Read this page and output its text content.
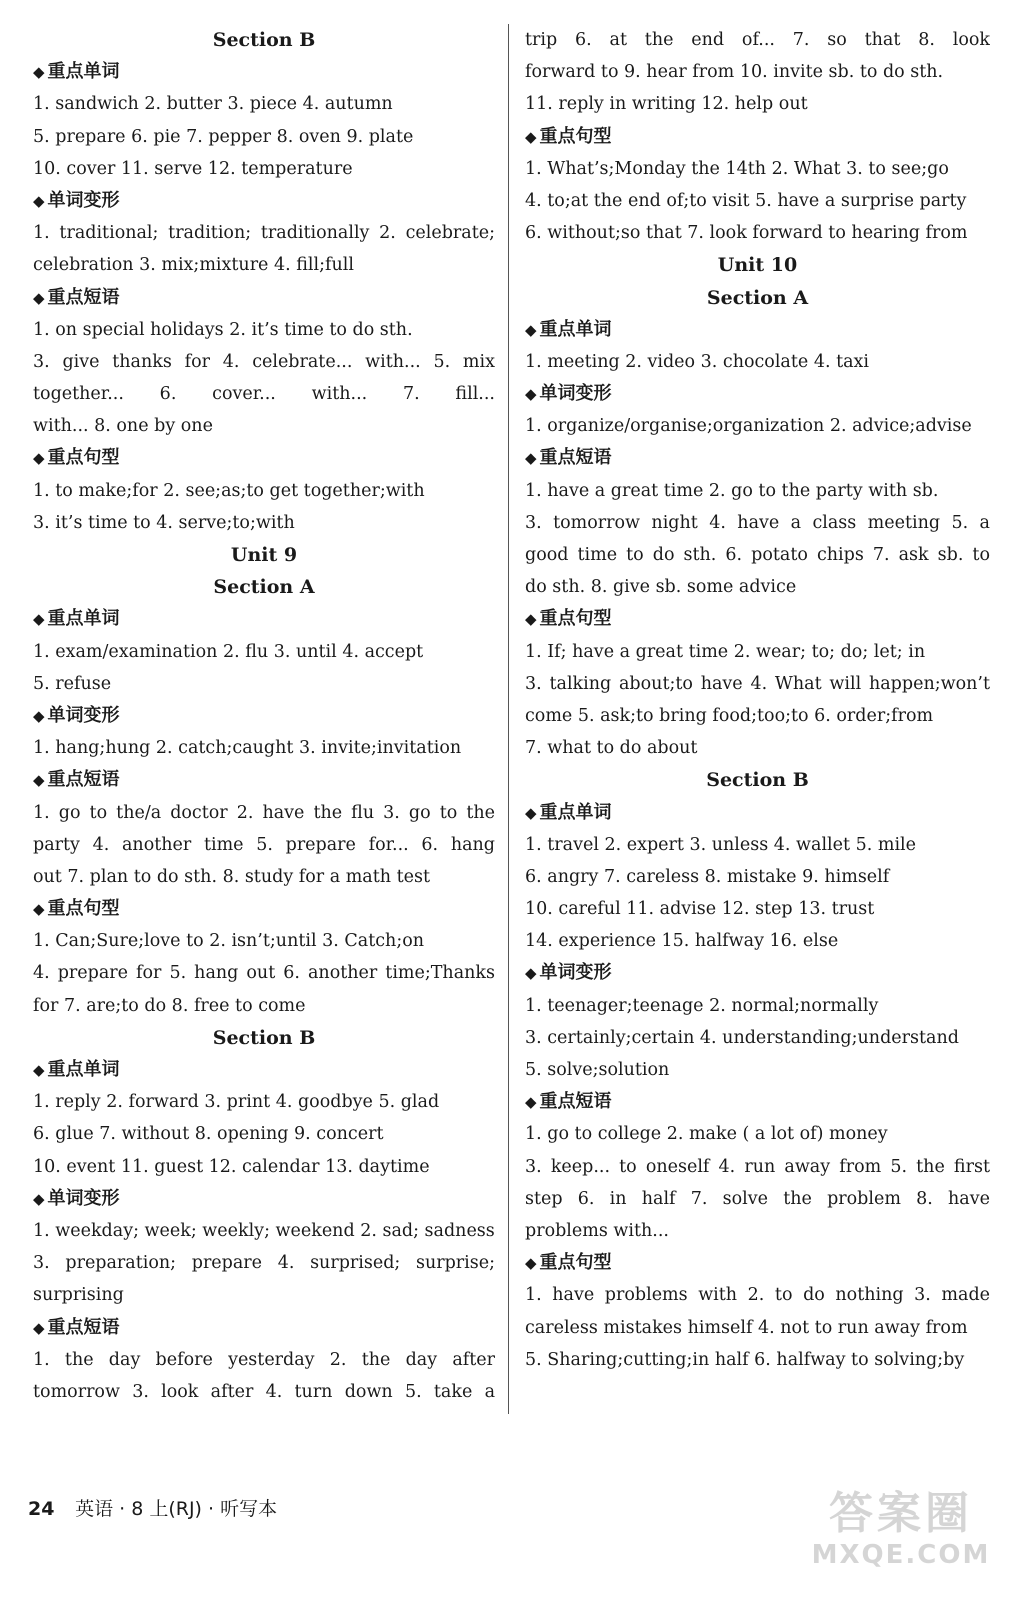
Section B
◆ 重点单词
1. sandwich 2. butter 3. piece 4. autumn
5. prepare 6. pie 7. pepper 8. oven 9. plate
10. cover 11. serve 12. temperature
◆ 单词变形
1. traditional; tradition; traditionally 2. celebrate;
celebration 3. mix;mixture 4. fill;full
◆ 重点短语
1. on special holidays 2. it’s time to do sth.
3. give thanks for 4. celebrate... with... 5. mix
together... 6. cover... with... 7. fill...
with... 8. one by one
◆ 重点句型
1. to make;for 2. see;as;to get together;with
3. it’s time to 4. serve;to;with
Unit 9
Section A
◆ 重点单词
1. exam/examination 2. flu 3. until 4. accept
5. refuse
◆ 单词变形
1. hang;hung 2. catch;caught 3. invite;invitation
◆ 重点短语
1. go to the/a doctor 2. have the flu 3. go to the
party 4. another time 5. prepare for... 6. hang
out 7. plan to do sth. 8. study for a math test
◆ 重点句型
1. Can;Sure;love to 2. isn’t;until 3. Catch;on
4. prepare for 5. hang out 6. another time;Thanks
for 7. are;to do 8. free to come
Section B
◆ 重点单词
1. reply 2. forward 3. print 4. goodbye 5. glad
6. glue 7. without 8. opening 9. concert
10. event 11. guest 12. calendar 13. daytime
◆ 单词变形
1. weekday; week; weekly; weekend 2. sad; sadness
3. preparation; prepare 4. surprised; surprise;
surprising
◆ 重点短语
1. the day before yesterday 2. the day after
tomorrow 3. look after 4. turn down 5. take a
trip 6. at the end of... 7. so that 8. look
forward to 9. hear from 10. invite sb. to do sth.
11. reply in writing 12. help out
◆ 重点句型
1. What’s;Monday the 14th 2. What 3. to see;go
4. to;at the end of;to visit 5. have a surprise party
6. without;so that 7. look forward to hearing from
Unit 10
Section A
◆ 重点单词
1. meeting 2. video 3. chocolate 4. taxi
◆ 单词变形
1. organize/organise;organization 2. advice;advise
◆ 重点短语
1. have a great time 2. go to the party with sb.
3. tomorrow night 4. have a class meeting 5. a
good time to do sth. 6. potato chips 7. ask sb. to
do sth. 8. give sb. some advice
◆ 重点句型
1. If; have a great time 2. wear; to; do; let; in
3. talking about;to have 4. What will happen;won’t
come 5. ask;to bring food;too;to 6. order;from
7. what to do about
Section B
◆ 重点单词
1. travel 2. expert 3. unless 4. wallet 5. mile
6. angry 7. careless 8. mistake 9. himself
10. careful 11. advise 12. step 13. trust
14. experience 15. halfway 16. else
◆ 单词变形
1. teenager;teenage 2. normal;normally
3. certainly;certain 4. understanding;understand
5. solve;solution
◆ 重点短语
1. go to college 2. make ( a lot of) money
3. keep... to oneself 4. run away from 5. the first
step 6. in half 7. solve the problem 8. have
problems with...
◆ 重点句型
1. have problems with 2. to do nothing 3. made
careless mistakes himself 4. not to run away from
5. Sharing;cutting;in half 6. halfway to solving;by
24 英语 · 8 上(RJ) · 听写本	答案圈
MXQE.COM
